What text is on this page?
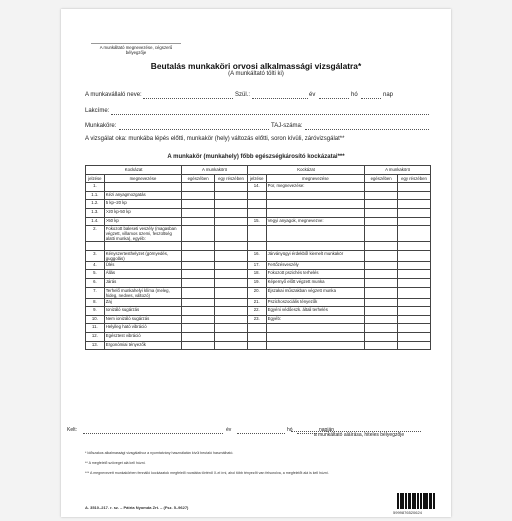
A munkáltató megnevezése, cégszerű bélyegzője
Beutalás munkaköri orvosi alkalmassági vizsgálatra*
(A munkáltató tölti ki)
A munkavállaló neve:	Szül.:	év	hó	nap
Lakcíme:
Munkaköre:	TAJ-száma:
A vizsgálat oka: munkába lépés előtti, munkakör (hely) változás előtti, soron kívüli, záróvizsgálat**
A munkakör (munkahely) főbb egészségkárosító kockázatai***
Kockázat		A munkakörö		Kockázat		A munkakörö	
jelzése	megnevezése	egészében	egy részében	jelzése	megnevezése	egészében	egy részében
1.				14.	Por, megnevezése:		
1.1.	Kézi anyagmozgatás						
1.2.	5 kp–20 kp						
1.3.	>20 kp-50 kp						
1.4.	>50 kp			15.	Vegyi anyagok, megnevezve:		
2.	Fokozott baleseti veszély (magasban végzett, villamos üzemi, feszültség alatti munka), egyéb:						

3.	Kényszertesthelyzet (görnyedés, guggolás)			16.	Járványügyi érdekből kiemelt munkakör		
4.	Ülés			17.	Fertőzésveszély		
5.	Állás			18.	Fokozott pszichés terhelés		
6.	Járás			19.	Képernyő előtt végzett munka		
7.	Terhelő munkahelyi klíma (meleg, hideg, nedves, változó)			20.	Éjszakai műszakban végzett munka		
8.	Zaj			21.	Pszichoszociális tényezők		
9.	Ionizáló sugárzás			22.	Egyéni védőeszk. általi terhelés		
10.	Nem ionizáló sugárzás			23.	Egyéb:		
11.	Helyileg ható vibráció						
12.	Egésztest vibráció						
13.	Ergonómiai tényezők						
Kelt:	év	hó	napján
a munkáltató aláírása, hiteles bélyegzője
* Időszakos alkalmassági vizsgálathoz a nyomtatvány használatán kívül beutaló használható.
** A megfelelő szöveget alá kell húzni.
*** A megnevezett munkakörben fennálló kockázatok megfelelő rovatába történő X-el írni, ahol több tényezőt van felsorolva, a megfelelőt alá is kell húzni.
A. 3510–217. r. sz. – Pátria Nyomda Zrt. – (Fsz. 5–9627)
5999876520624
